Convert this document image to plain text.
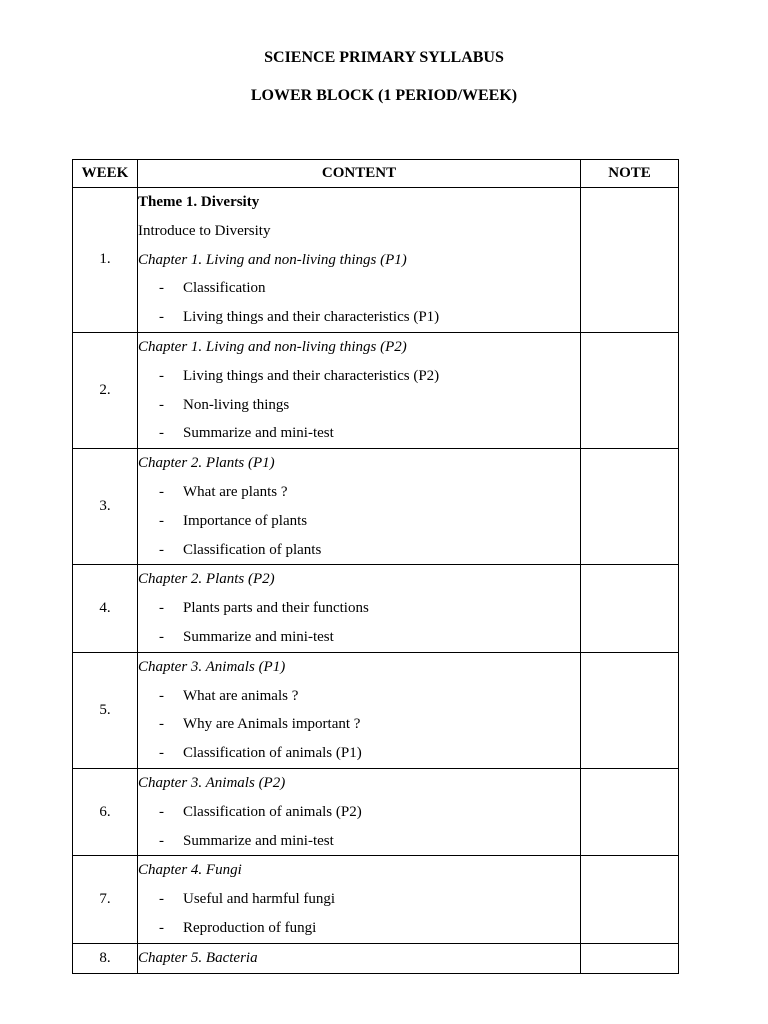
SCIENCE PRIMARY SYLLABUS
LOWER BLOCK (1 PERIOD/WEEK)
WEEK	CONTENT	NOTE
1.	Theme 1. Diversity
Introduce to Diversity
Chapter 1. Living and non-living things (P1)
- Classification
- Living things and their characteristics (P1)	

2.	Chapter 1. Living and non-living things (P2)
- Living things and their characteristics (P2)
- Non-living things
- Summarize and mini-test	

3.	Chapter 2. Plants (P1)
- What are plants ?
- Importance of plants
- Classification of plants	

4.	Chapter 2. Plants (P2)
- Plants parts and their functions
- Summarize and mini-test	

5.	Chapter 3. Animals (P1)
- What are animals ?
- Why are Animals important ?
- Classification of animals (P1)	

6.	Chapter 3. Animals (P2)
- Classification of animals (P2)
- Summarize and mini-test	

7.	Chapter 4. Fungi
- Useful and harmful fungi
- Reproduction of fungi	

8.	Chapter 5. Bacteria	
